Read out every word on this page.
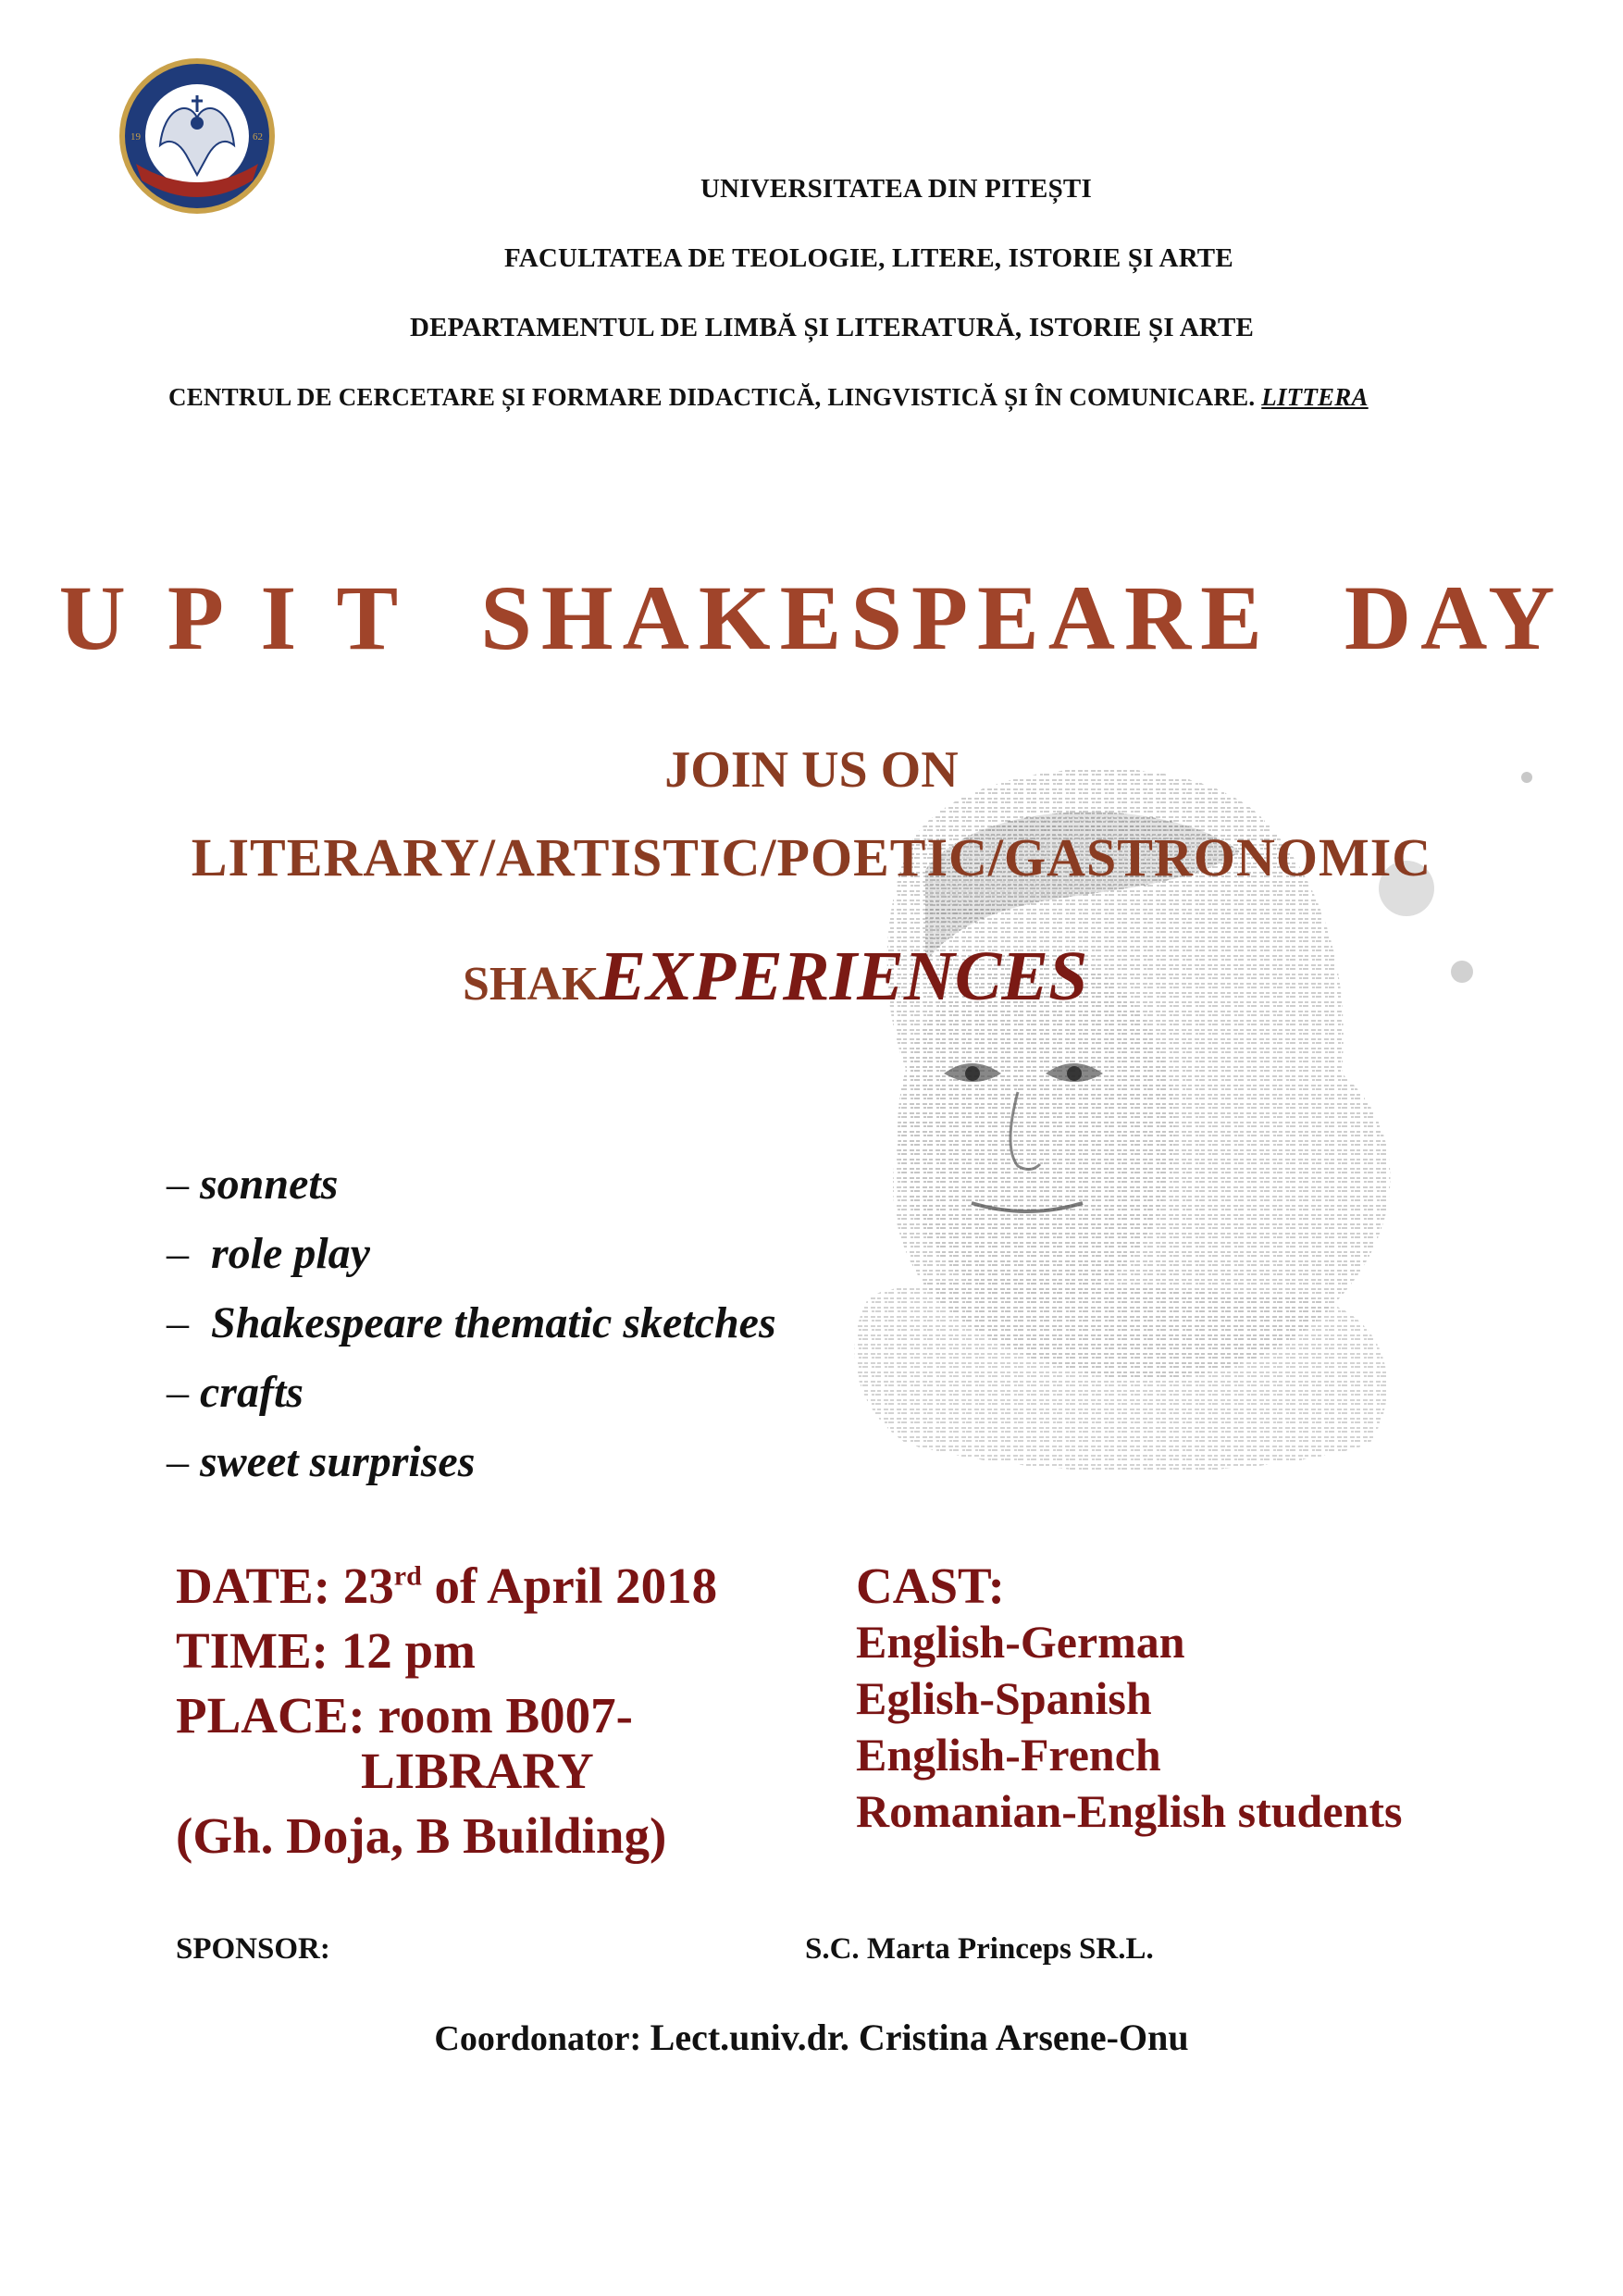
19	62
UNIVERSITATEA DIN PITEȘTI
FACULTATEA DE TEOLOGIE, LITERE, ISTORIE ȘI ARTE
DEPARTAMENTUL DE LIMBĂ ȘI LITERATURĂ, ISTORIE ȘI ARTE
CENTRUL DE CERCETARE ȘI FORMARE DIDACTICĂ, LINGVISTICĂ ȘI ÎN COMUNICARE. LITTERA
U P I T SHAKESPEARE DAY
JOIN US ON
LITERARY/ARTISTIC/POETIC/GASTRONOMIC
SHAKEXPERIENCES
– sonnets
– role play
– Shakespeare thematic sketches
– crafts
– sweet surprises
DATE: 23rd of April 2018
TIME: 12 pm
PLACE: room B007-
LIBRARY
(Gh. Doja, B Building)
CAST:
English-German
Eglish-Spanish
English-French
Romanian-English students
SPONSOR:	S.C. Marta Princeps SR.L.
Coordonator: Lect.univ.dr. Cristina Arsene-Onu
